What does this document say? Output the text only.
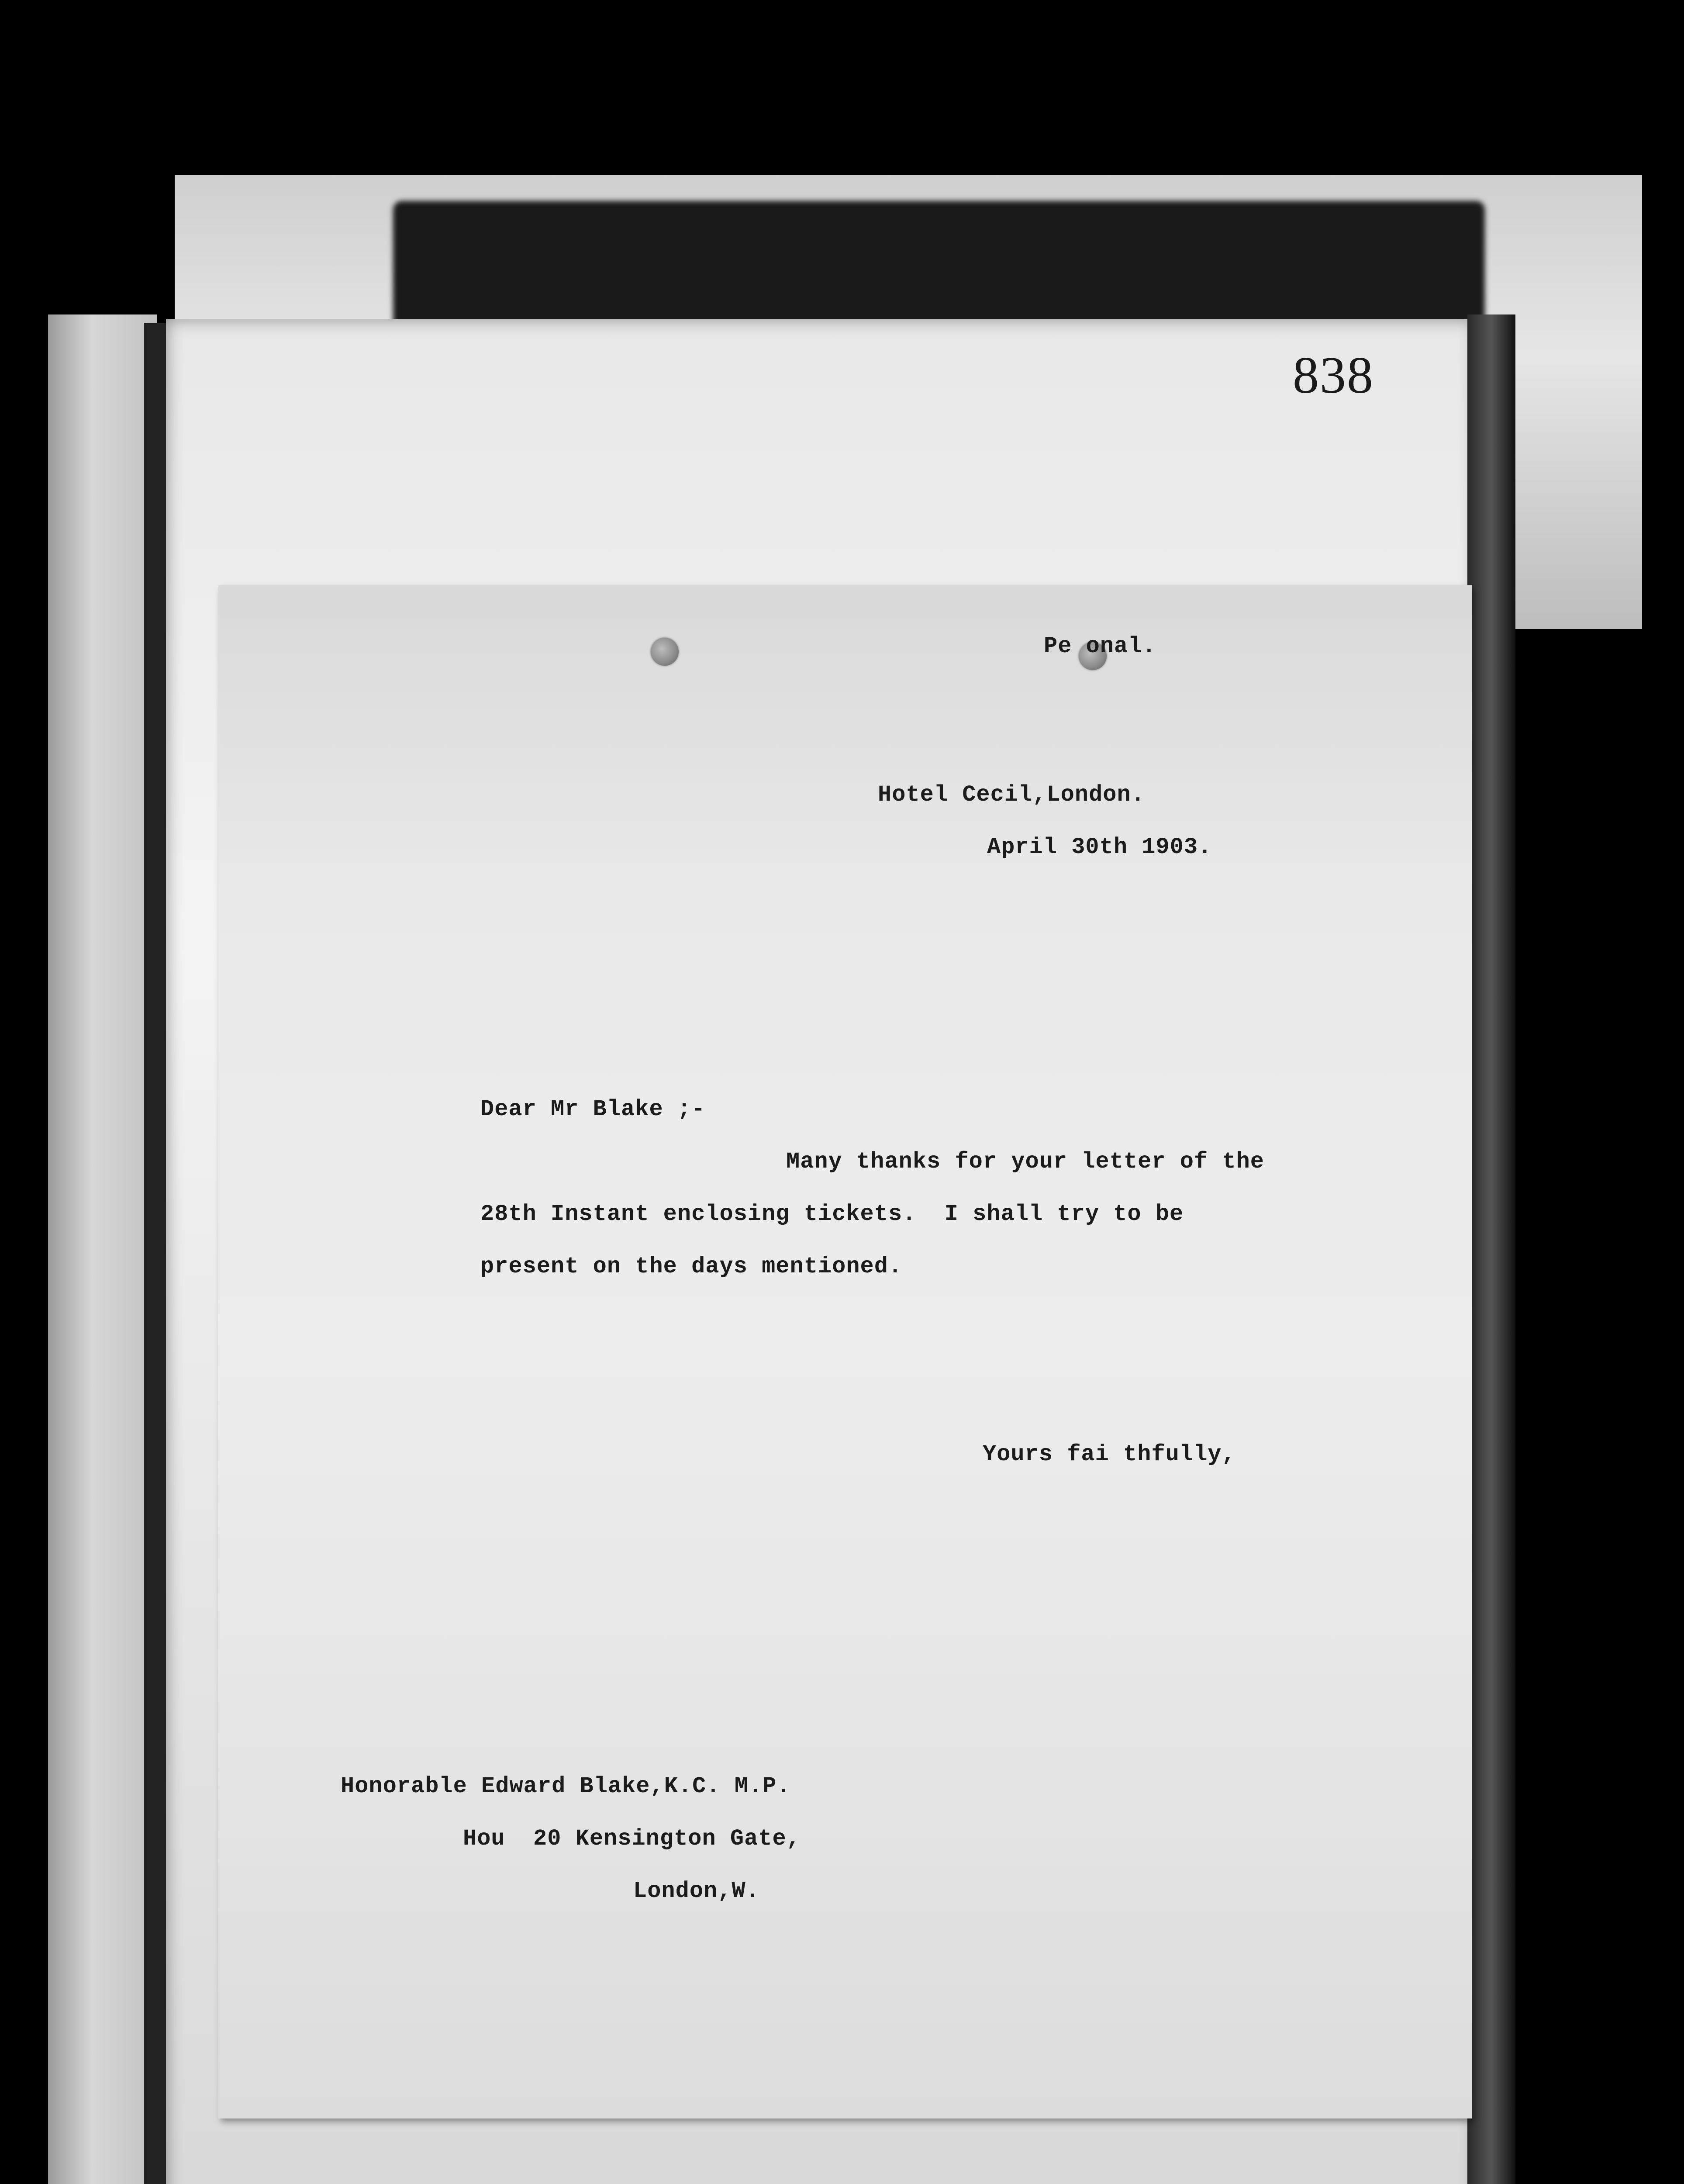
838
Pe onal.
Hotel Cecil,London.
April 30th 1903.
Dear Mr Blake ;-
Many thanks for your letter of the
28th Instant enclosing tickets.  I shall try to be
present on the days mentioned.
Yours fai thfully,
Honorable Edward Blake,K.C. M.P.
Hou  20 Kensington Gate,
London,W.
